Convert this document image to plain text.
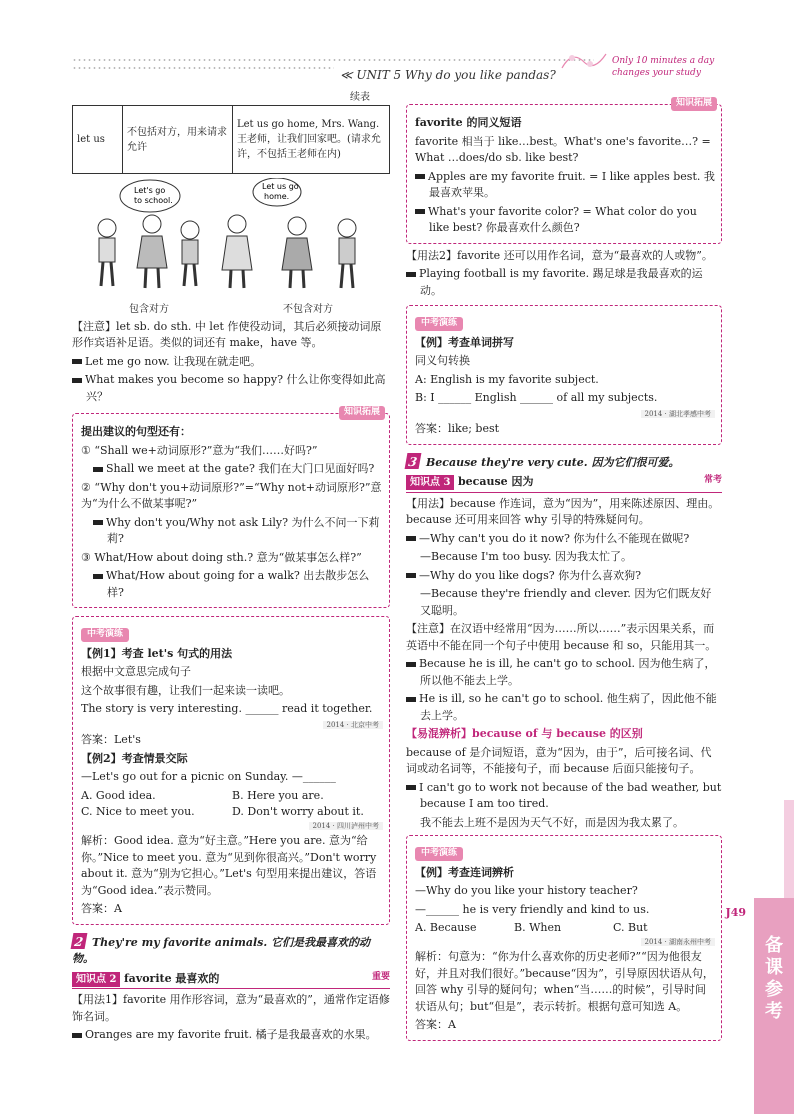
≪ UNIT 5 Why do you like pandas?
Only 10 minutes a day
changes your study
续表
let us	不包括对方，用来请求允许	Let us go home, Mrs. Wang. 王老师，让我们回家吧。(请求允许，不包括王老师在内)
Let's go
to school.
Let us go
home.
包含对方	不包含对方

【注意】let sb. do sth. 中 let 作使役动词，其后必须接动词原形作宾语补足语。类似的词还有 make，have 等。

Let me go now. 让我现在就走吧。

What makes you become so happy? 什么让你变得如此高兴？

知识拓展

提出建议的句型还有：

① “Shall we+动词原形?”意为“我们……好吗?”

Shall we meet at the gate? 我们在大门口见面好吗?

② “Why don't you+动词原形?”=“Why not+动词原形?”意为“为什么不做某事呢?”

Why don't you/Why not ask Lily? 为什么不问一下莉莉?

③ What/How about doing sth.? 意为“做某事怎么样?”

What/How about going for a walk? 出去散步怎么样?

中考演练

【例1】考查 let's 句式的用法

根据中文意思完成句子

这个故事很有趣，让我们一起来读一读吧。

The story is very interesting. ______ read it together.

2014 · 北京中考

答案：Let's

【例2】考查情景交际

—Let's go out for a picnic on Sunday. —______

A. Good idea.	B. Here you are.
C. Nice to meet you.	D. Don't worry about it.
2014 · 四川泸州中考

解析：Good idea. 意为“好主意。”Here you are. 意为“给你。”Nice to meet you. 意为“见到你很高兴。”Don't worry about it. 意为“别为它担心。”Let's 句型用来提出建议，答语为“Good idea.”表示赞同。

答案：A

2 They're my favorite animals. 它们是我最喜欢的动物。

知识点 2 favorite 最喜欢的	重要

【用法1】favorite 用作形容词，意为“最喜欢的”，通常作定语修饰名词。

Oranges are my favorite fruit. 橘子是我最喜欢的水果。

知识拓展

favorite 的同义短语

favorite 相当于 like…best。What's one's favorite…? = What …does/do sb. like best?

Apples are my favorite fruit. = I like apples best. 我最喜欢苹果。

What's your favorite color? = What color do you like best? 你最喜欢什么颜色?

【用法2】favorite 还可以用作名词，意为“最喜欢的人或物”。

Playing football is my favorite. 踢足球是我最喜欢的运动。

中考演练

【例】考查单词拼写

同义句转换

A: English is my favorite subject.

B: I ______ English ______ of all my subjects.

2014 · 湖北孝感中考

答案：like; best

3 Because they're very cute. 因为它们很可爱。

知识点 3 because 因为	常考

【用法】because 作连词，意为“因为”，用来陈述原因、理由。because 还可用来回答 why 引导的特殊疑问句。

—Why can't you do it now? 你为什么不能现在做呢?

—Because I'm too busy. 因为我太忙了。

—Why do you like dogs? 你为什么喜欢狗?

—Because they're friendly and clever. 因为它们既友好又聪明。

【注意】在汉语中经常用“因为……所以……”表示因果关系，而英语中不能在同一个句子中使用 because 和 so，只能用其一。

Because he is ill, he can't go to school. 因为他生病了，所以他不能去上学。

He is ill, so he can't go to school. 他生病了，因此他不能去上学。

【易混辨析】because of 与 because 的区别

because of 是介词短语，意为“因为，由于”，后可接名词、代词或动名词等，不能接句子，而 because 后面只能接句子。

I can't go to work not because of the bad weather, but because I am too tired.

我不能去上班不是因为天气不好，而是因为我太累了。

中考演练

【例】考查连词辨析

—Why do you like your history teacher?

—______ he is very friendly and kind to us.

A. Because	B. When	C. But
2014 · 湖南永州中考

解析：句意为：“你为什么喜欢你的历史老师?”“因为他很友好，并且对我们很好。”because“因为”，引导原因状语从句，回答 why 引导的疑问句；when“当……的时候”，引导时间状语从句；but“但是”，表示转折。根据句意可知选 A。

答案：A

J49
备课参考
